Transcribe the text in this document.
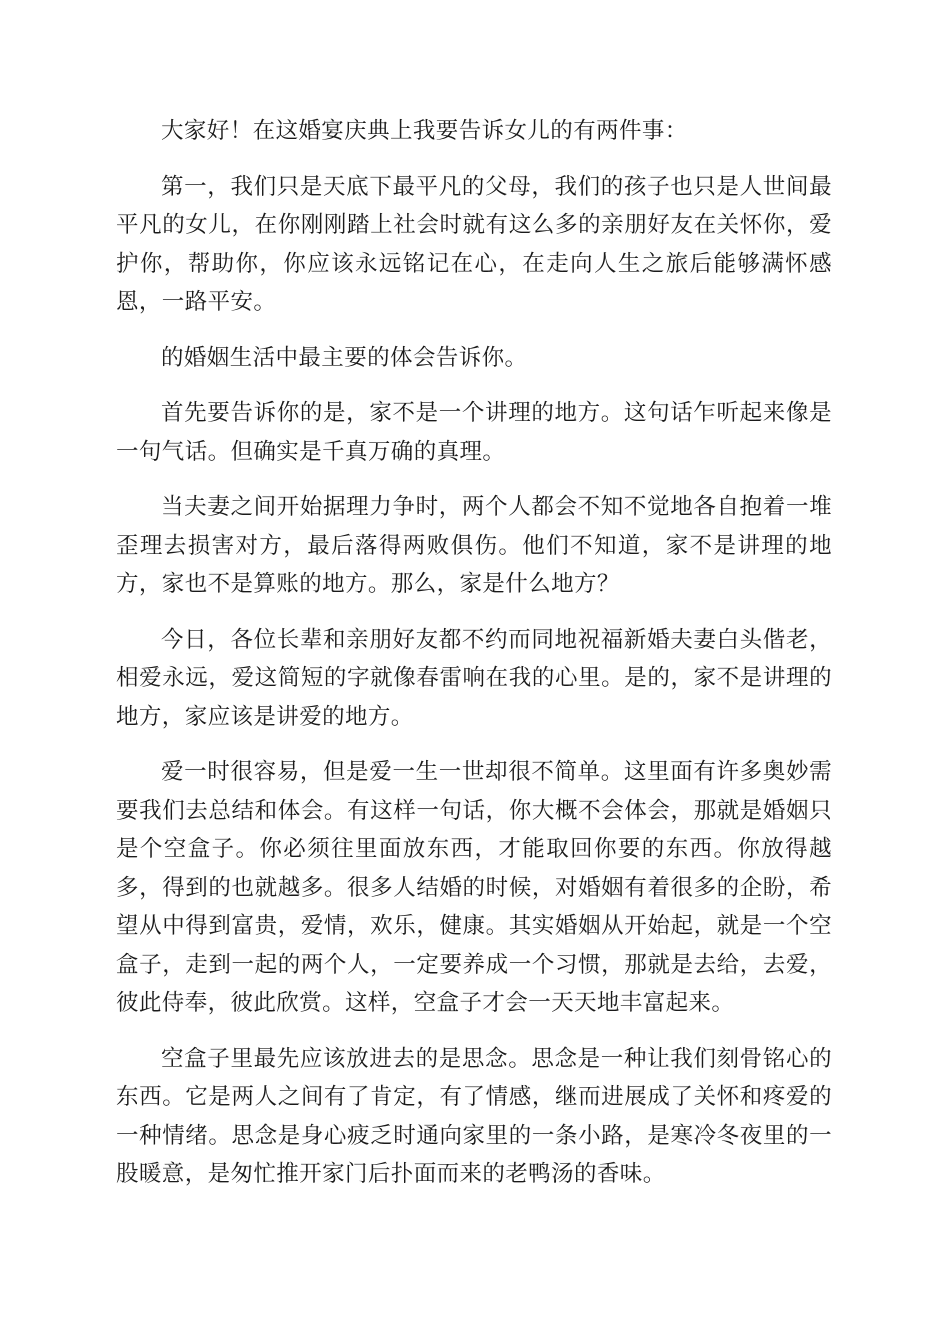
大家好！在这婚宴庆典上我要告诉女儿的有两件事：

第一，我们只是天底下最平凡的父母，我们的孩子也只是人世间最平凡的女儿，在你刚刚踏上社会时就有这么多的亲朋好友在关怀你，爱护你，帮助你，你应该永远铭记在心，在走向人生之旅后能够满怀感恩，一路平安。

的婚姻生活中最主要的体会告诉你。

首先要告诉你的是，家不是一个讲理的地方。这句话乍听起来像是一句气话。但确实是千真万确的真理。

当夫妻之间开始据理力争时，两个人都会不知不觉地各自抱着一堆歪理去损害对方，最后落得两败俱伤。他们不知道，家不是讲理的地方，家也不是算账的地方。那么，家是什么地方？

今日，各位长辈和亲朋好友都不约而同地祝福新婚夫妻白头偕老，相爱永远，爱这简短的字就像春雷响在我的心里。是的，家不是讲理的地方，家应该是讲爱的地方。

爱一时很容易，但是爱一生一世却很不简单。这里面有许多奥妙需要我们去总结和体会。有这样一句话，你大概不会体会，那就是婚姻只是个空盒子。你必须往里面放东西，才能取回你要的东西。你放得越多，得到的也就越多。很多人结婚的时候，对婚姻有着很多的企盼，希望从中得到富贵，爱情，欢乐，健康。其实婚姻从开始起，就是一个空盒子，走到一起的两个人，一定要养成一个习惯，那就是去给，去爱，彼此侍奉，彼此欣赏。这样，空盒子才会一天天地丰富起来。

空盒子里最先应该放进去的是思念。思念是一种让我们刻骨铭心的东西。它是两人之间有了肯定，有了情感，继而进展成了关怀和疼爱的一种情绪。思念是身心疲乏时通向家里的一条小路，是寒冷冬夜里的一股暖意，是匆忙推开家门后扑面而来的老鸭汤的香味。
